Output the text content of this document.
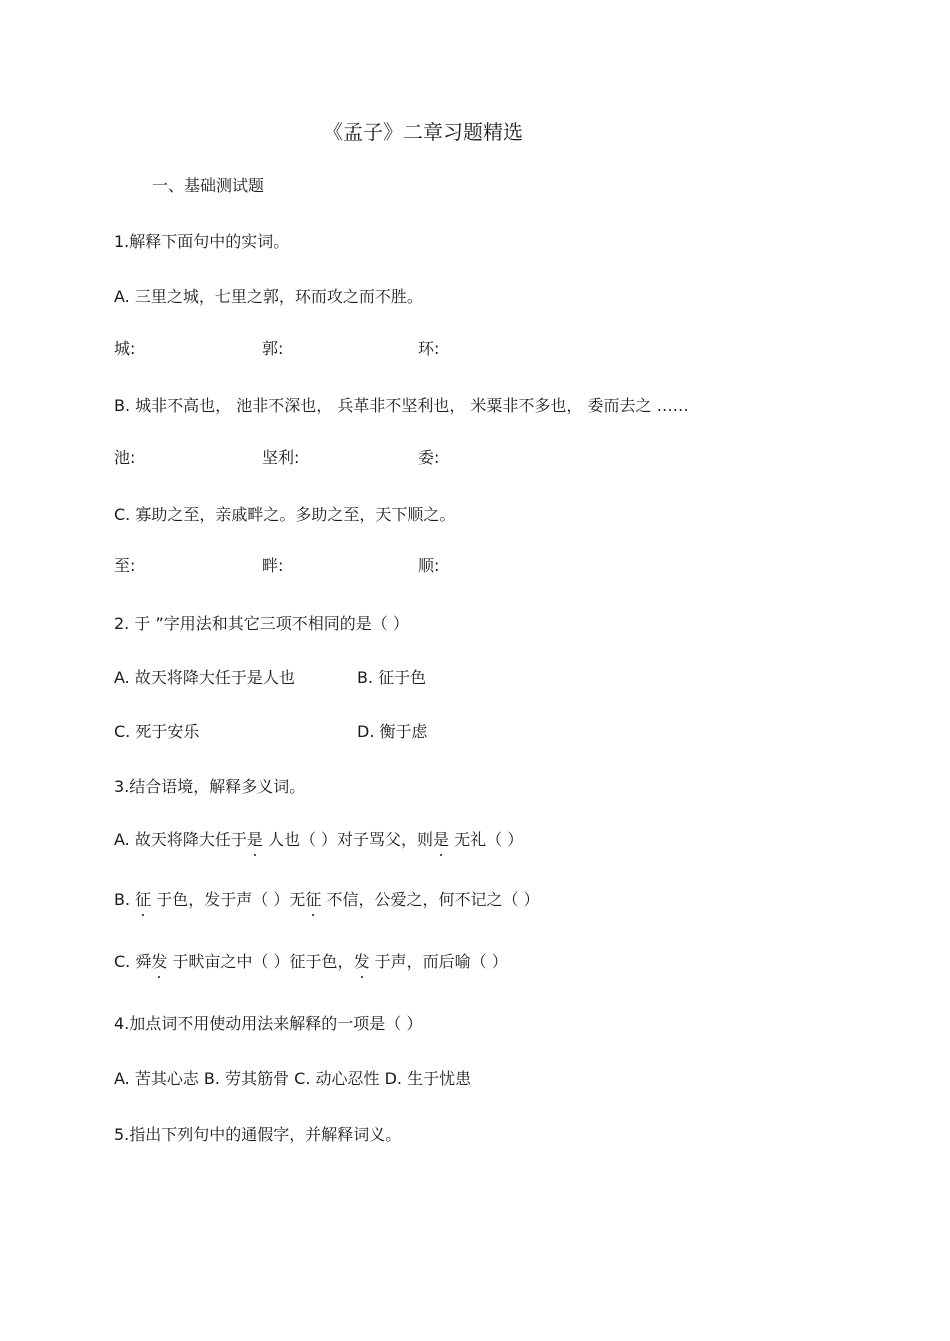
《孟子》二章习题精选
一、基础测试题
1.解释下面句中的实词。
A. 三里之城，七里之郭，环而攻之而不胜。
城:	郭:	环:
B. 城非不高也， 池非不深也， 兵革非不坚利也， 米粟非不多也， 委而去之 ……
池:	坚利:	委:
C. 寡助之至，亲戚畔之。多助之至，天下顺之。
至:	畔:	顺:
2. 于 ”字用法和其它三项不相同的是（ ）
A. 故天将降大任于是人也	B. 征于色
C. 死于安乐	D. 衡于虑
3.结合语境，解释多义词。
A. 故天将降大任于是 人也（ ）对子骂父，则是 无礼（ ）
B. 征 于色，发于声（ ）无征 不信，公爱之，何不记之（ ）
C. 舜发 于畎亩之中（ ）征于色，发 于声，而后喻（ ）
4.加点词不用使动用法来解释的一项是（ ）
A. 苦其心志 B. 劳其筋骨 C. 动心忍性 D. 生于忧患
5.指出下列句中的通假字，并解释词义。
